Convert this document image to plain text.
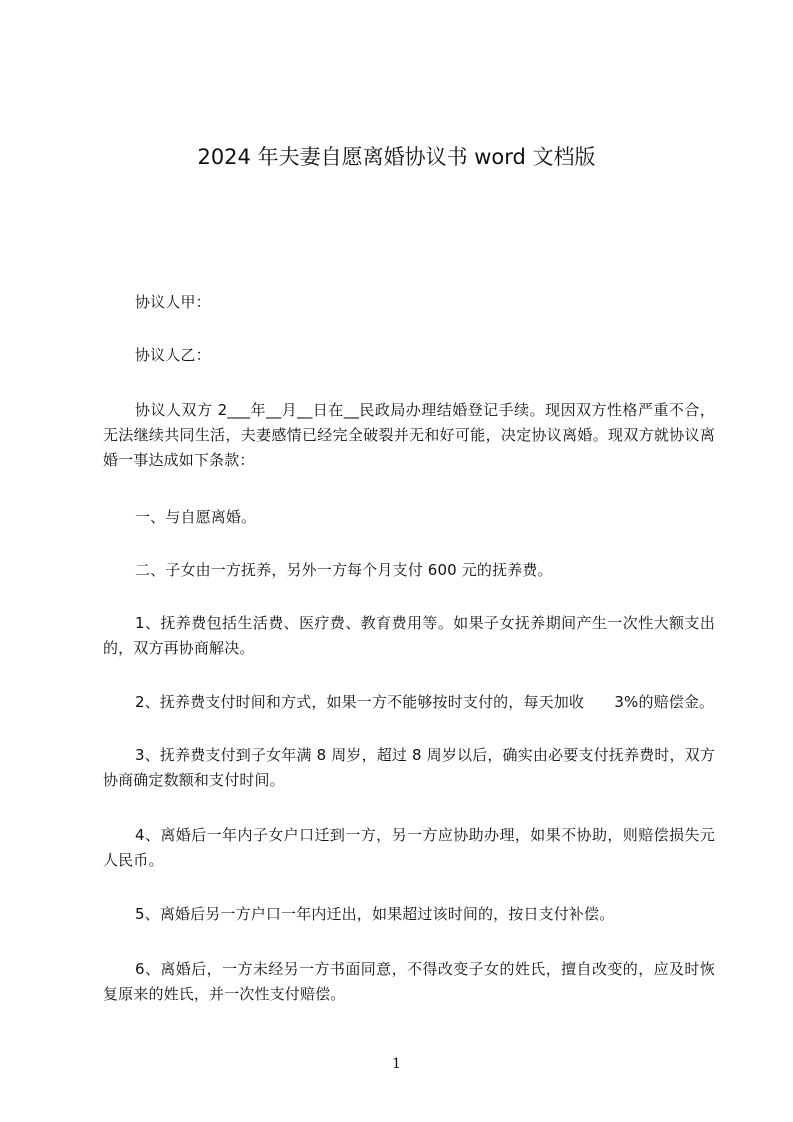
2024 年夫妻自愿离婚协议书 word 文档版

协议人甲：

协议人乙：

协议人双方 2___年__月__日在__民政局办理结婚登记手续。现因双方性格严重不合，无法继续共同生活，夫妻感情已经完全破裂并无和好可能，决定协议离婚。现双方就协议离婚一事达成如下条款：

一、与自愿离婚。

二、子女由一方抚养，另外一方每个月支付 600 元的抚养费。

1、抚养费包括生活费、医疗费、教育费用等。如果子女抚养期间产生一次性大额支出的，双方再协商解决。

2、抚养费支付时间和方式，如果一方不能够按时支付的，每天加收　　3%的赔偿金。

3、抚养费支付到子女年满 8 周岁，超过 8 周岁以后，确实由必要支付抚养费时，双方协商确定数额和支付时间。

4、离婚后一年内子女户口迁到一方，另一方应协助办理，如果不协助，则赔偿损失元人民币。

5、离婚后另一方户口一年内迁出，如果超过该时间的，按日支付补偿。

6、离婚后，一方未经另一方书面同意，不得改变子女的姓氏，擅自改变的，应及时恢复原来的姓氏，并一次性支付赔偿。

1
